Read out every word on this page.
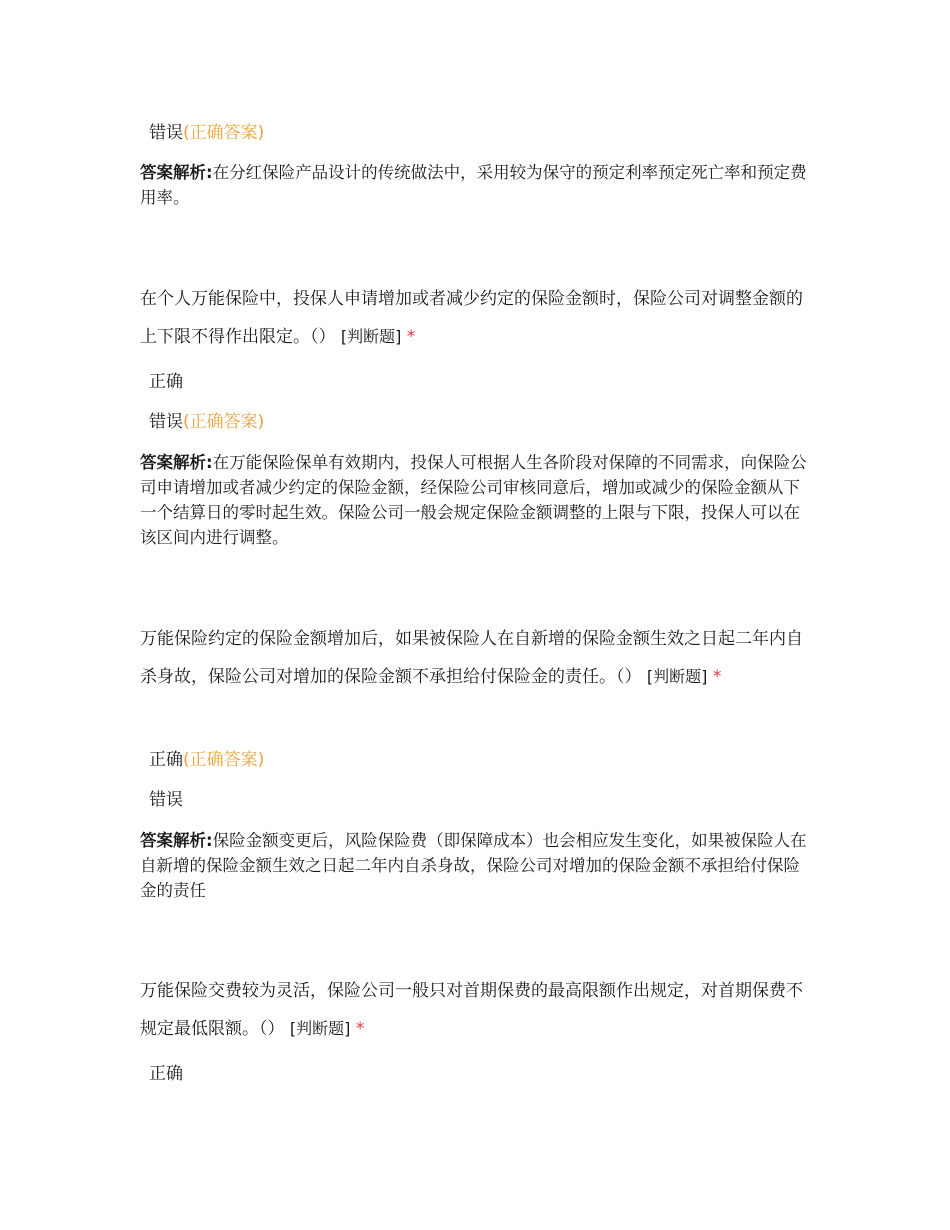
错误(正确答案)
答案解析:在分红保险产品设计的传统做法中，采用较为保守的预定利率预定死亡率和预定费用率。
在个人万能保险中，投保人申请增加或者减少约定的保险金额时，保险公司对调整金额的上下限不得作出限定。（） [判断题] *
正确
错误(正确答案)
答案解析:在万能保险保单有效期内，投保人可根据人生各阶段对保障的不同需求，向保险公司申请增加或者减少约定的保险金额，经保险公司审核同意后，增加或减少的保险金额从下一个结算日的零时起生效。保险公司一般会规定保险金额调整的上限与下限，投保人可以在该区间内进行调整。
万能保险约定的保险金额增加后，如果被保险人在自新增的保险金额生效之日起二年内自杀身故，保险公司对增加的保险金额不承担给付保险金的责任。（） [判断题] *
正确(正确答案)
错误
答案解析:保险金额变更后，风险保险费（即保障成本）也会相应发生变化，如果被保险人在自新增的保险金额生效之日起二年内自杀身故，保险公司对增加的保险金额不承担给付保险金的责任
万能保险交费较为灵活，保险公司一般只对首期保费的最高限额作出规定，对首期保费不规定最低限额。（） [判断题] *
正确
